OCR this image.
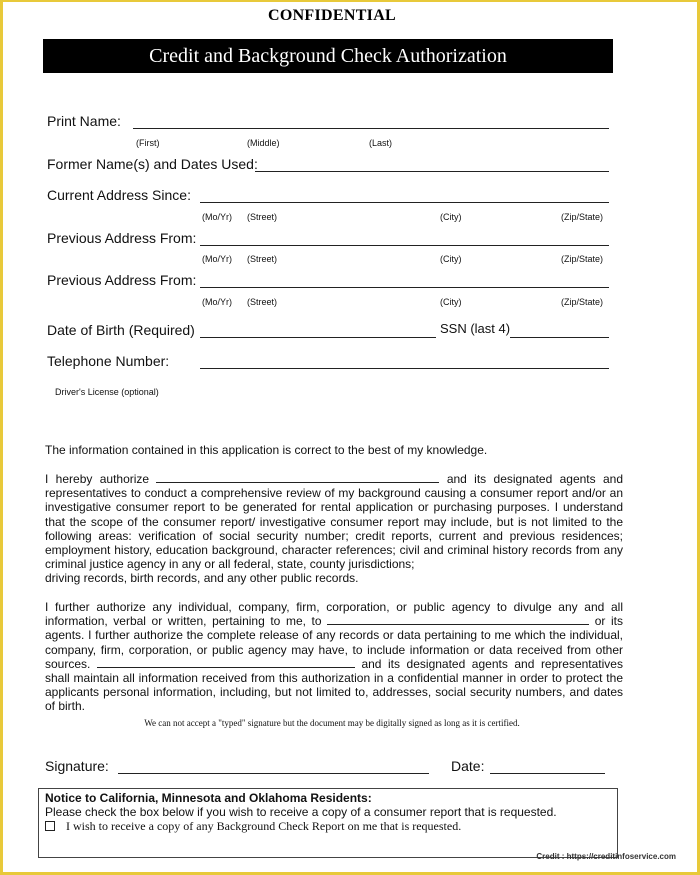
CONFIDENTIAL
Credit and Background Check Authorization
Print Name:
(First)	(Middle)	(Last)
Former Name(s) and Dates Used:
Current Address Since:
(Mo/Yr) (Street)	(City)	(Zip/State)
Previous Address From:
(Mo/Yr) (Street)	(City)	(Zip/State)
Previous Address From:
(Mo/Yr) (Street)	(City)	(Zip/State)
Date of Birth (Required)	SSN (last 4)
Telephone Number:
Driver's License (optional)
The information contained in this application is correct to the best of my knowledge.
I hereby authorize	and its designated agents and representatives to conduct a comprehensive review of my background causing a consumer report and/or an investigative consumer report to be generated for rental application or purchasing purposes. I understand that the scope of the consumer report/ investigative consumer report may include, but is not limited to the following areas: verification of social security number; credit reports, current and previous residences; employment history, education background, character references; civil and criminal history records from any criminal justice agency in any or all federal, state, county jurisdictions;
driving records, birth records, and any other public records.
I further authorize any individual, company, firm, corporation, or public agency to divulge any and all information, verbal or written, pertaining to me, to	or its agents. I further authorize the complete release of any records or data pertaining to me which the individual, company, firm, corporation, or public agency may have, to include information or data received from other sources.	and its designated agents and representatives shall maintain all information received from this authorization in a confidential manner in order to protect the applicants personal information, including, but not limited to, addresses, social security numbers, and dates of birth.
We can not accept a "typed" signature but the document may be digitally signed as long as it is certified.
Signature:	Date:
Notice to California, Minnesota and Oklahoma Residents:
Please check the box below if you wish to receive a copy of a consumer report that is requested.
I wish to receive a copy of any Background Check Report on me that is requested.
Credit : https://creditinfoservice.com
